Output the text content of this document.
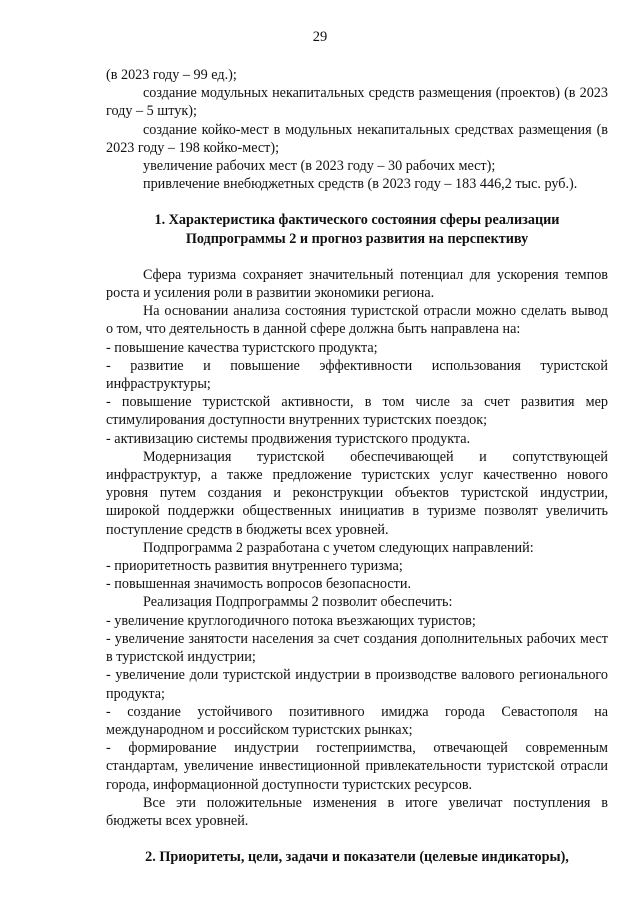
29

(в 2023 году – 99 ед.);

создание модульных некапитальных средств размещения (проектов) (в 2023 году – 5 штук);

создание койко-мест в модульных некапитальных средствах размещения (в 2023 году – 198 койко-мест);

увеличение рабочих мест (в 2023 году – 30 рабочих мест);

привлечение внебюджетных средств (в 2023 году – 183 446,2 тыс. руб.).

1. Характеристика фактического состояния сферы реализации

Подпрограммы 2 и прогноз развития на перспективу

Сфера туризма сохраняет значительный потенциал для ускорения темпов роста и усиления роли в развитии экономики региона.

На основании анализа состояния туристской отрасли можно сделать вывод о том, что деятельность в данной сфере должна быть направлена на:

- повышение качества туристского продукта;

- развитие и повышение эффективности использования туристской инфраструктуры;

- повышение туристской активности, в том числе за счет развития мер стимулирования доступности внутренних туристских поездок;

- активизацию системы продвижения туристского продукта.

Модернизация туристской обеспечивающей и сопутствующей инфраструктур, а также предложение туристских услуг качественно нового уровня путем создания и реконструкции объектов туристской индустрии, широкой поддержки общественных инициатив в туризме позволят увеличить поступление средств в бюджеты всех уровней.

Подпрограмма 2 разработана с учетом следующих направлений:

- приоритетность развития внутреннего туризма;

- повышенная значимость вопросов безопасности.

Реализация Подпрограммы 2 позволит обеспечить:

- увеличение круглогодичного потока въезжающих туристов;

- увеличение занятости населения за счет создания дополнительных рабочих мест в туристской индустрии;

- увеличение доли туристской индустрии в производстве валового регионального продукта;

- создание устойчивого позитивного имиджа города Севастополя на международном и российском туристских рынках;

- формирование индустрии гостеприимства, отвечающей современным стандартам, увеличение инвестиционной привлекательности туристской отрасли города, информационной доступности туристских ресурсов.

Все эти положительные изменения в итоге увеличат поступления в бюджеты всех уровней.

2. Приоритеты, цели, задачи и показатели (целевые индикаторы),
